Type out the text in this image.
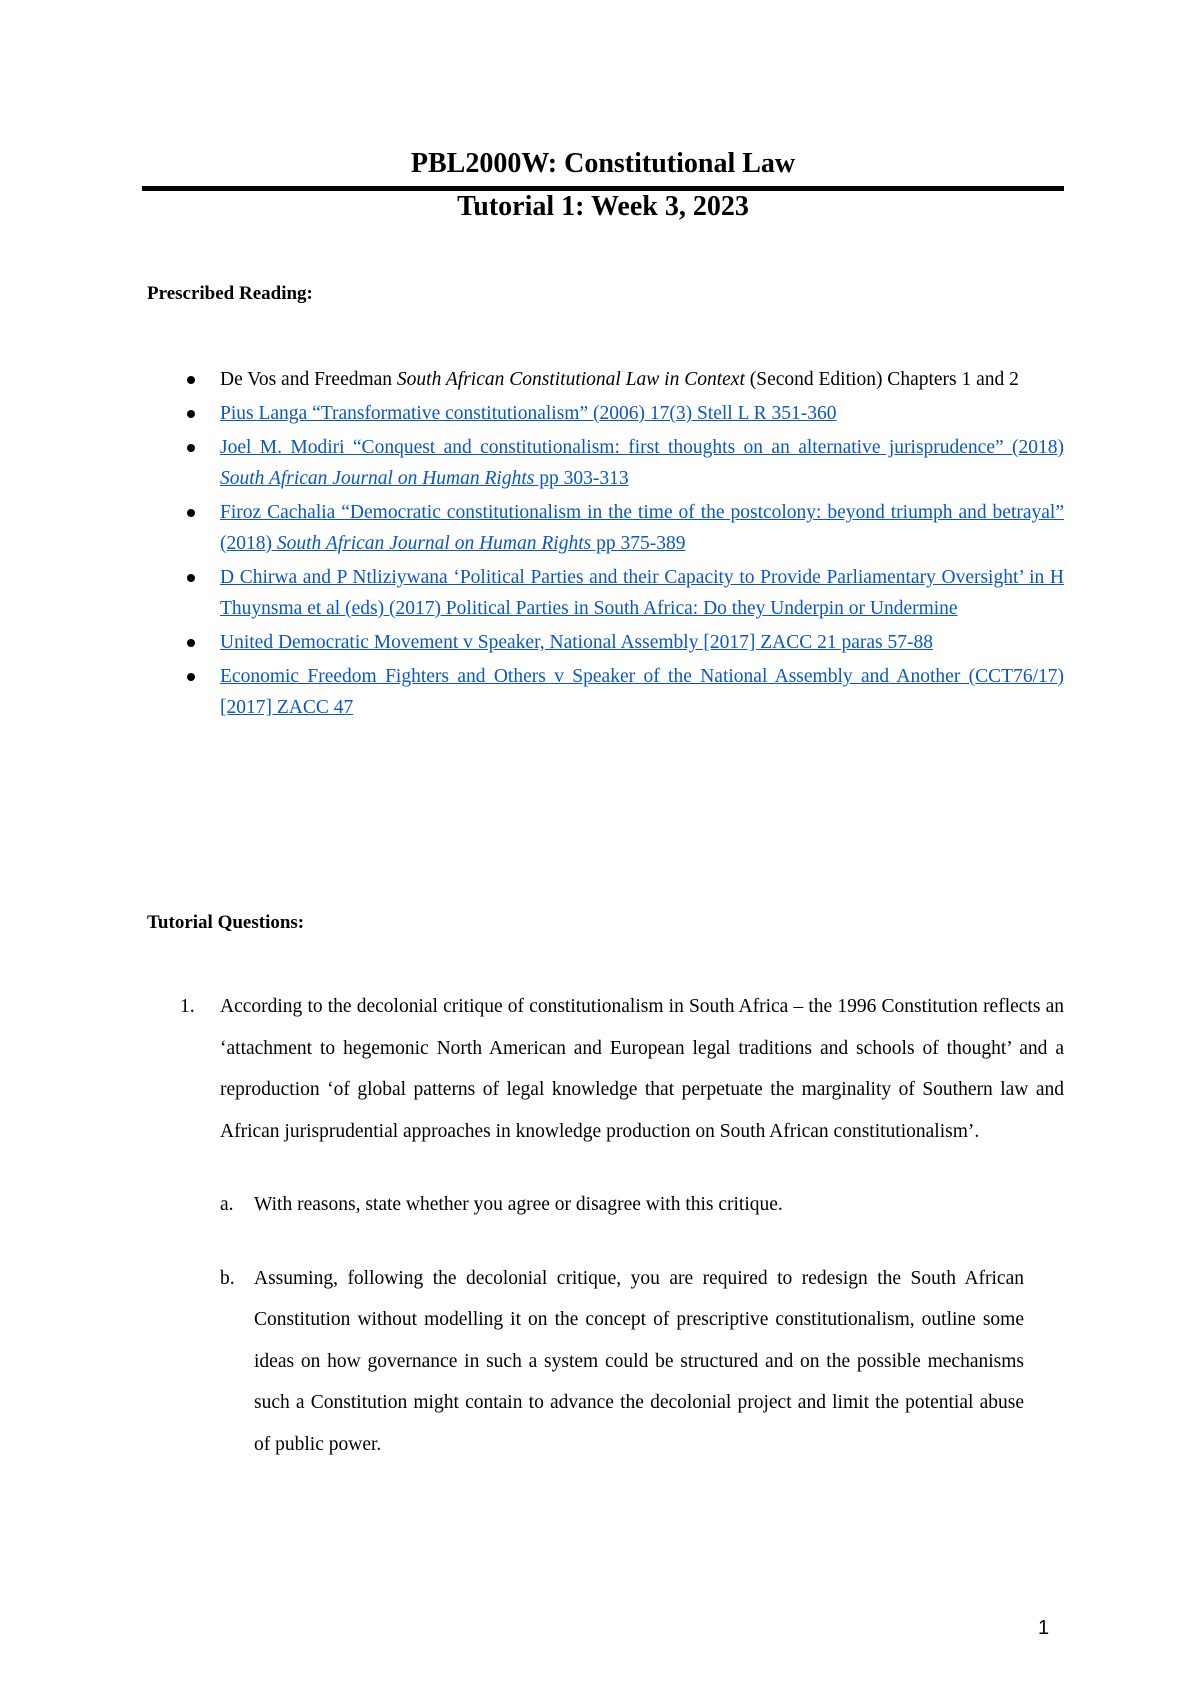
PBL2000W: Constitutional Law
Tutorial 1: Week 3, 2023
Prescribed Reading:
De Vos and Freedman South African Constitutional Law in Context (Second Edition) Chapters 1 and 2
Pius Langa “Transformative constitutionalism” (2006) 17(3) Stell L R 351-360
Joel M. Modiri “Conquest and constitutionalism: first thoughts on an alternative jurisprudence” (2018) South African Journal on Human Rights pp 303-313
Firoz Cachalia “Democratic constitutionalism in the time of the postcolony: beyond triumph and betrayal” (2018) South African Journal on Human Rights pp 375-389
D Chirwa and P Ntliziywana ‘Political Parties and their Capacity to Provide Parliamentary Oversight’ in H Thuynsma et al (eds) (2017) Political Parties in South Africa: Do they Underpin or Undermine
United Democratic Movement v Speaker, National Assembly [2017] ZACC 21 paras 57-88
Economic Freedom Fighters and Others v Speaker of the National Assembly and Another (CCT76/17) [2017] ZACC 47
Tutorial Questions:
1. According to the decolonial critique of constitutionalism in South Africa – the 1996 Constitution reflects an ‘attachment to hegemonic North American and European legal traditions and schools of thought’ and a reproduction ‘of global patterns of legal knowledge that perpetuate the marginality of Southern law and African jurisprudential approaches in knowledge production on South African constitutionalism’.
a. With reasons, state whether you agree or disagree with this critique.
b. Assuming, following the decolonial critique, you are required to redesign the South African Constitution without modelling it on the concept of prescriptive constitutionalism, outline some ideas on how governance in such a system could be structured and on the possible mechanisms such a Constitution might contain to advance the decolonial project and limit the potential abuse of public power.
1
